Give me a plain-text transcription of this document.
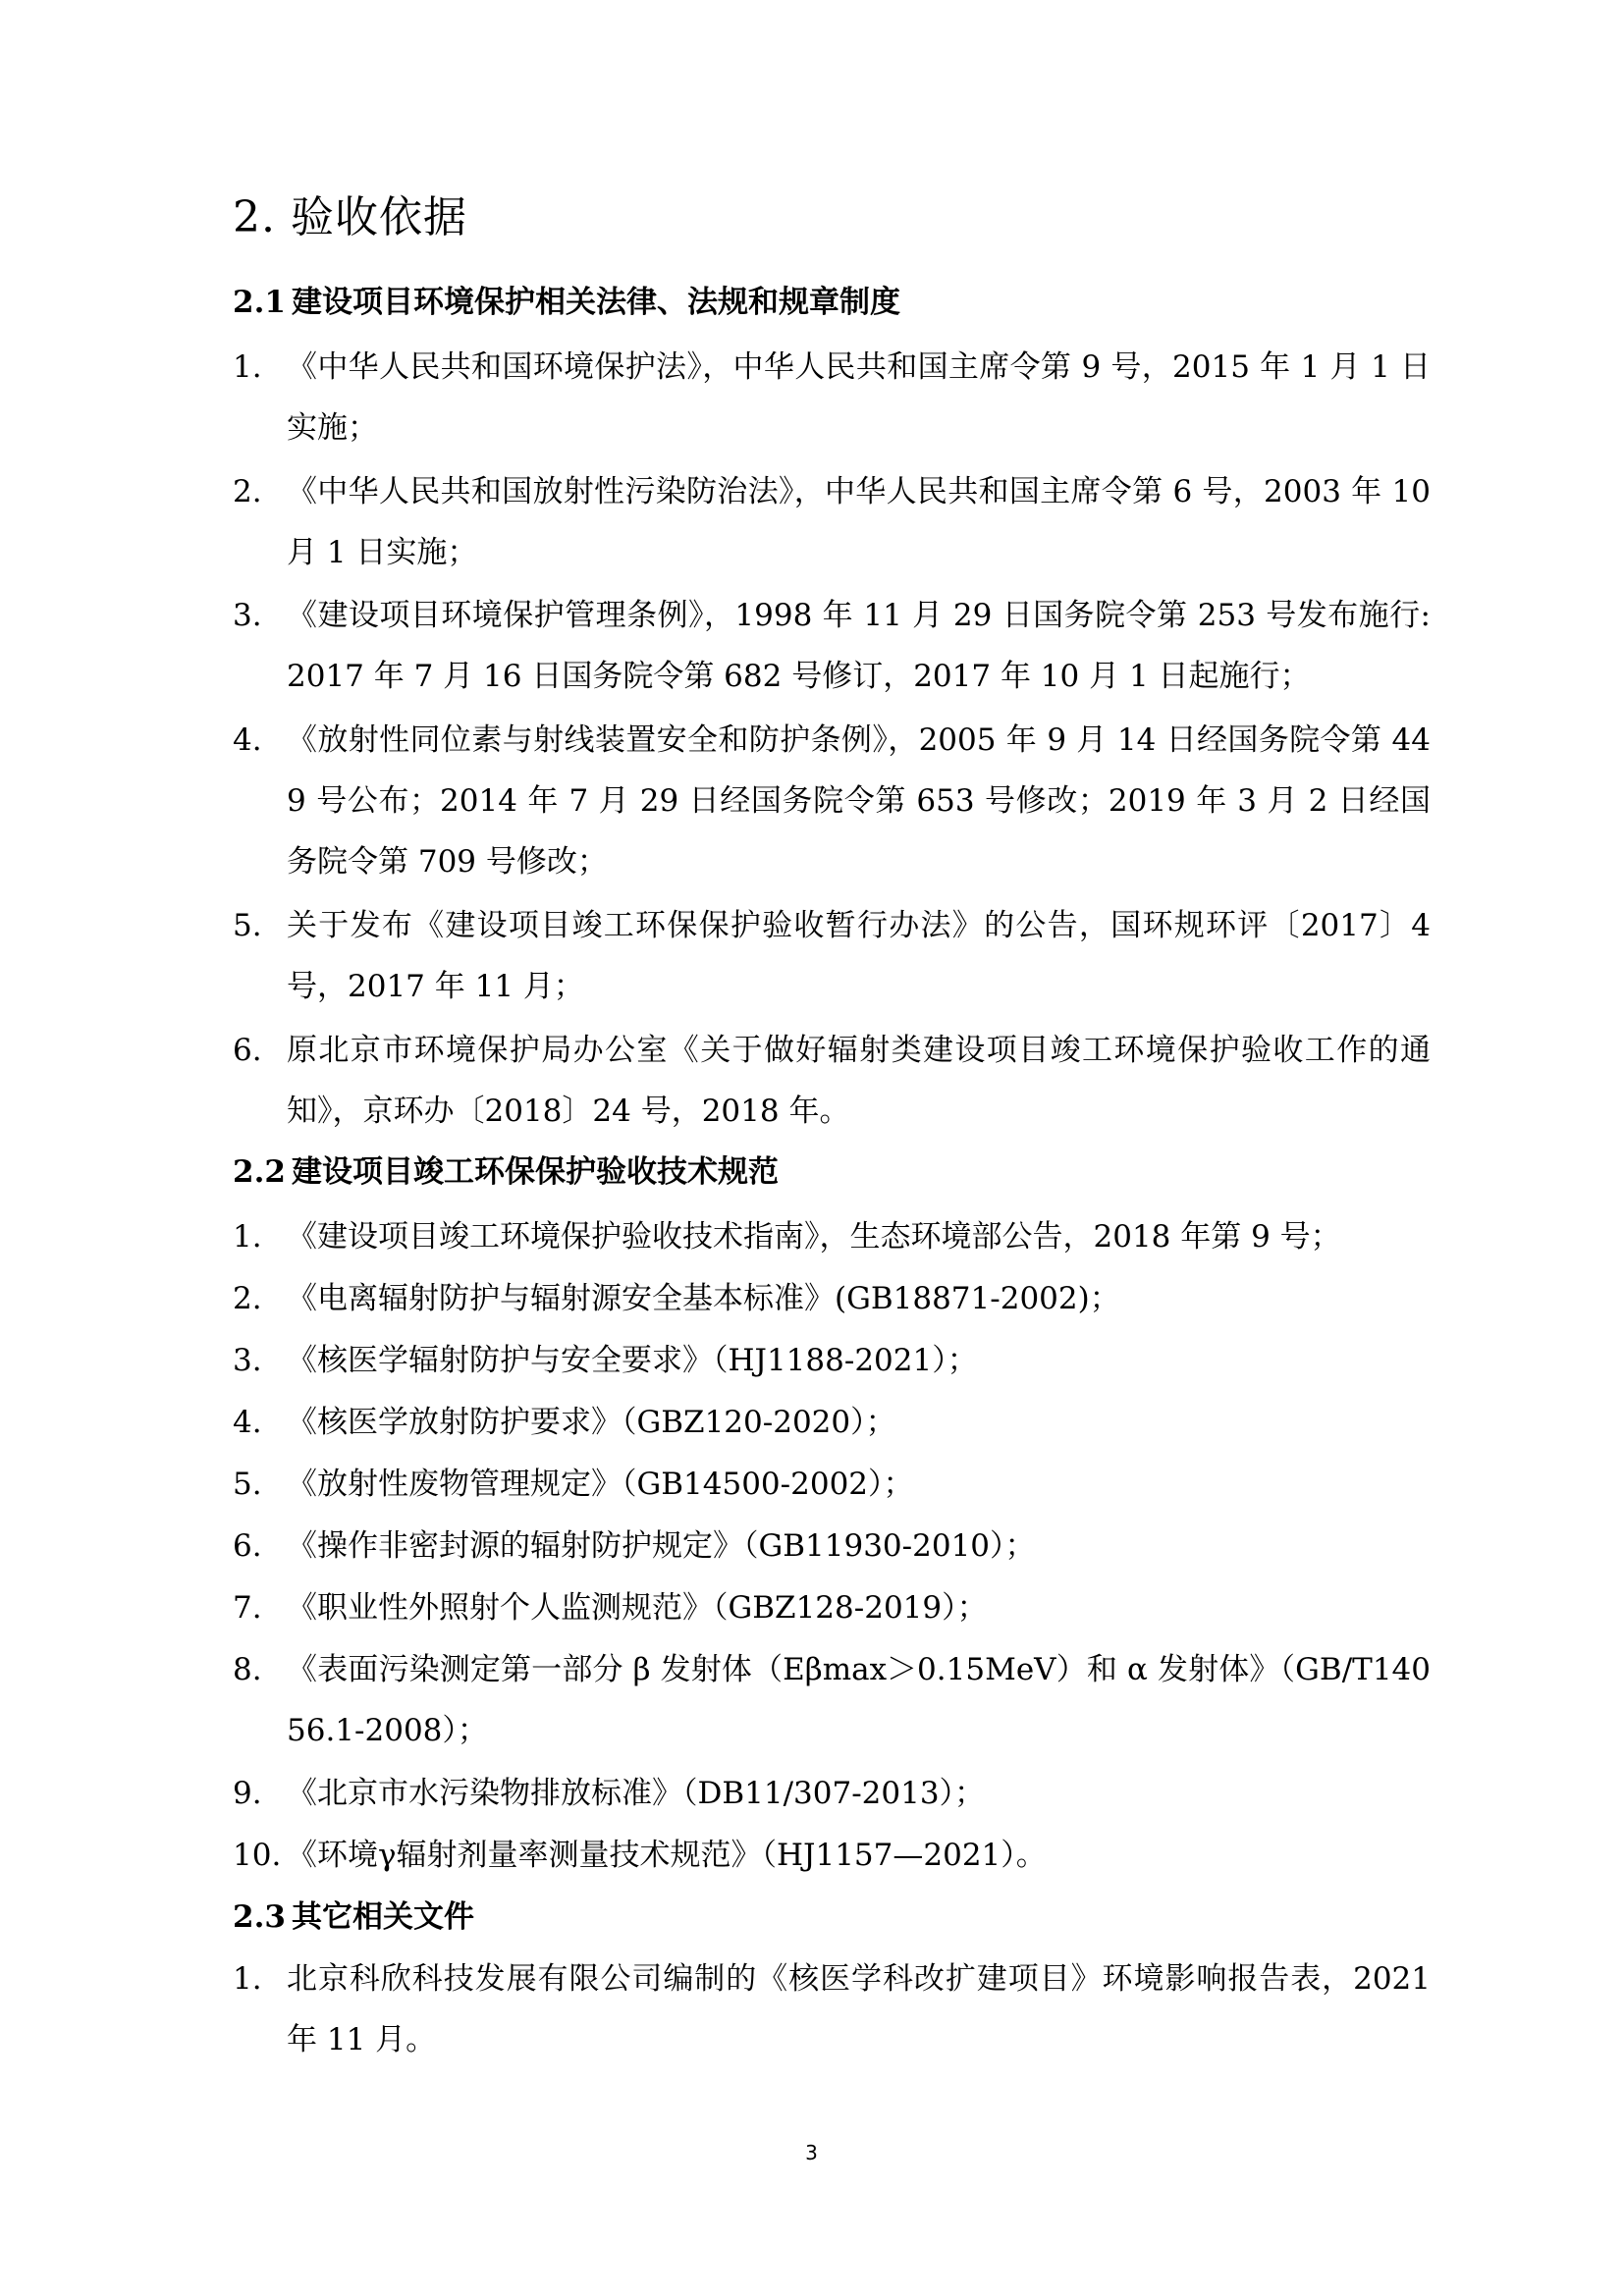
2. 验收依据
2.1 建设项目环境保护相关法律、法规和规章制度
1. 《中华人民共和国环境保护法》，中华人民共和国主席令第 9 号，2015 年 1 月 1 日实施；
2. 《中华人民共和国放射性污染防治法》，中华人民共和国主席令第 6 号，2003 年 10 月 1 日实施；
3. 《建设项目环境保护管理条例》，1998 年 11 月 29 日国务院令第 253 号发布施行:2017 年 7 月 16 日国务院令第 682 号修订，2017 年 10 月 1 日起施行；
4. 《放射性同位素与射线装置安全和防护条例》，2005 年 9 月 14 日经国务院令第 449 号公布；2014 年 7 月 29 日经国务院令第 653 号修改；2019 年 3 月 2 日经国务院令第 709 号修改；
5. 关于发布《建设项目竣工环保保护验收暂行办法》的公告，国环规环评〔2017〕4 号，2017 年 11 月；
6. 原北京市环境保护局办公室《关于做好辐射类建设项目竣工环境保护验收工作的通知》，京环办〔2018〕24 号，2018 年。
2.2 建设项目竣工环保保护验收技术规范
1. 《建设项目竣工环境保护验收技术指南》，生态环境部公告，2018 年第 9 号；
2. 《电离辐射防护与辐射源安全基本标准》(GB18871-2002)；
3. 《核医学辐射防护与安全要求》（HJ1188-2021）；
4. 《核医学放射防护要求》（GBZ120-2020）；
5. 《放射性废物管理规定》（GB14500-2002）；
6. 《操作非密封源的辐射防护规定》（GB11930-2010）；
7. 《职业性外照射个人监测规范》（GBZ128-2019）；
8. 《表面污染测定第一部分 β 发射体（Eβmax＞0.15MeV）和 α 发射体》（GB/T14056.1-2008）；
9. 《北京市水污染物排放标准》（DB11/307-2013）；
10. 《环境γ辐射剂量率测量技术规范》（HJ1157—2021）。
2.3 其它相关文件
1. 北京科欣科技发展有限公司编制的《核医学科改扩建项目》环境影响报告表，2021 年 11 月。
3
